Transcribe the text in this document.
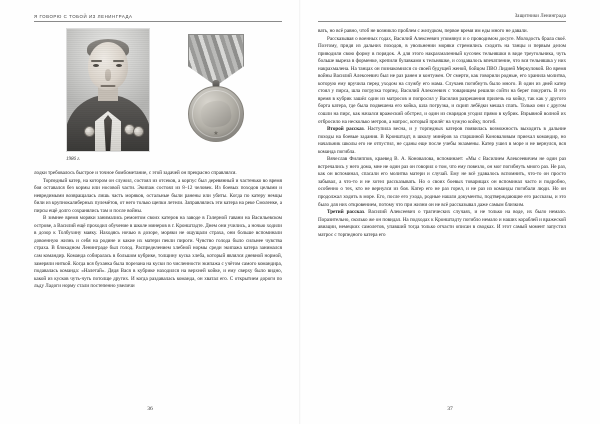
Я ГОВОРЮ С ТОБОЙ ИЗ ЛЕНИНГРАДА
1986 г.
★

лодки требовалось быстрое и точное бомбометание, с этой задачей он прекрасно справлялся.

Торпедный катер, на котором он служил, состоял из отсеков, а корпус был деревянный и частенько во время боя оставался без кормы или носовой части. Экипаж состоял из 8–12 человек. Из боевых походов целыми и невредимыми возвращалась лишь часть моряков, остальные были ранены или убиты. Когда по катеру немцы били из крупнокалиберных пулемётов, от него только щепки летели. Заправлялись эти катера на реке Смоленке, а пирсы ещё долго сохранялись там и после войны.

В зимнее время моряки занимались ремонтом своих катеров на заводе в Галерной гавани на Васильевском острове, а Василий ещё проходил обучение в школе минеров в г. Кронштадте. Днем они учились, а ночью ходили в дозор к Толбухину маяку. Находясь ночью в дозоре, моряки не ощущали страха, они больше вспоминали довоенную жизнь и себя на родине и какие их матери пекли пироги. Чувство голода было сильнее чувства страха. В блокадном Ленинграде был голод. Распределением хлебной нормы среди экипажа катера занимался сам командир. Команда собиралась в большом кубрике, толщину куска хлеба, который являлся дневной нормой, замеряли ниткой. Когда вся буханка была порезана на куски по численности экипажа с учётом самого командира, подавалась команда: «Налетай». Дядя Вася в кубрике находился на верхней койке, и ему сверху было видно, какой из кусков чуть-чуть потолще других. И когда раздавалась команда, он хватал его. С открытием дороги по льду Ладоги норму стали постепенно увеличи

36
Защитники Ленинграда

вать, но всё равно, чтоб не возникло проблем с желудком, первое время им еды много не давали.

Рассказывая о военных годах, Василий Алексеевич упомянул и о проводимом досуге. Молодость брала своё. Поэтому, придя из дальних походов, в увольнении моряки стремились сходить на танцы и первым делом приводили свою форму в порядок. А для этого накрахмаленный кусочек тельняшки в виде треугольника, чуть больше выреза в форменке, крепили булавками к тельняшке, и создавалось впечатление, что вся тельняшка у них накрахмалена. На танцах он познакомился со своей будущей женой, бойцом ПВО Лидией Меркуловой. Во время войны Василий Алексеевич был не раз ранен и контужен. От смерти, как говорили родные, его хранила молитва, которую ему вручила перед уходом на службу его мама. Случаев погибнуть было много. В один из дней катер стоял у пирса, шла погрузка торпед. Василий Алексеевич с товарищем решили сойти на берег покурить. В это время в кубрик зашёл один из матросов и попросил у Василия разрешения прилечь на койку, так как у другого борта катера, где была подвешена его койка, шла погрузка, и скрип лебёдки мешал спать. Только они с другом сошли на пирс, как начался вражеский обстрел, и один из снарядов угодил прямо в кубрик. Взрывной волной их отбросило на несколько метров, а матрос, который прилёг на чужую койку, погиб.

Второй рассказ. Наступила весна, и у торпедных катеров появилась возможность выходить в дальние походы на боевые задания. В Кронштадт, в школу минёров за старшиной Коноваловым приехал командир, но начальник школы его не отпустил, не сданы еще после учебы экзамены. Катер ушел в море и не вернулся, вся команда погибла.

Вячеслав Филиппов, краевед В. А. Коновалова, вспоминает: «Мы с Василием Алексеевичем не один раз встречались у него дома, мне не один раз он говорил о том, что ему повезло, он мог погибнуть много раз. Не раз, как он вспоминал, спасали его молитва матери и случай. Ему не всё удавалось вспомнить, что-то он просто забывал, а что-то и не хотел рассказывать. Но о своих боевых товарищах он вспоминал часто и подробно, особенно о тех, кто не вернулся из боя. Катер его не раз горел, и не раз из команды погибали люди. Но он продолжал ходить в море. Его, после его ухода, родные нашли документы, подтверждающие его рассказы, и это было для них откровением, потому что при жизни он не всё рассказывал даже самым близким.

Третий рассказ. Василий Алексеевич о трагических случаях, и не только на воде, их было немало. Поразительно, сколько же он повидал. На подходах к Кронштадту погибло немало и наших кораблей и вражеской авиации, немецких самолетов, упавший тогда только отчасти описан в сводках. И этот самый момент запустил матрос с торпедного катера его

37
